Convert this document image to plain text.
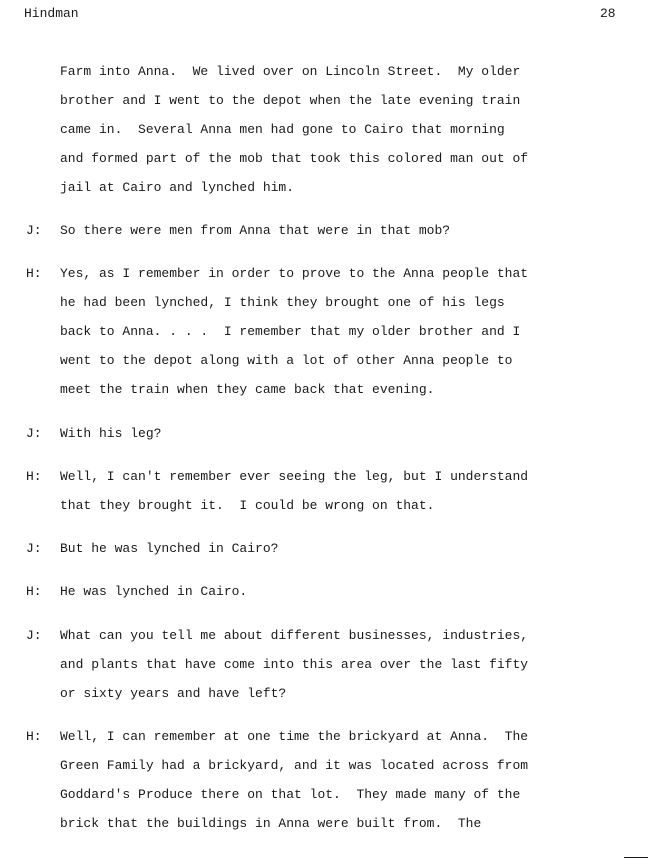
Hindman	28
Farm into Anna.  We lived over on Lincoln Street.  My older
brother and I went to the depot when the late evening train
came in.  Several Anna men had gone to Cairo that morning
and formed part of the mob that took this colored man out of
jail at Cairo and lynched him.
J: So there were men from Anna that were in that mob?
H: Yes, as I remember in order to prove to the Anna people that
he had been lynched, I think they brought one of his legs
back to Anna. . . .  I remember that my older brother and I
went to the depot along with a lot of other Anna people to
meet the train when they came back that evening.
J: With his leg?
H: Well, I can't remember ever seeing the leg, but I understand
that they brought it.  I could be wrong on that.
J: But he was lynched in Cairo?
H: He was lynched in Cairo.
J: What can you tell me about different businesses, industries,
and plants that have come into this area over the last fifty
or sixty years and have left?
H: Well, I can remember at one time the brickyard at Anna.  The
Green Family had a brickyard, and it was located across from
Goddard's Produce there on that lot.  They made many of the
brick that the buildings in Anna were built from.  The
